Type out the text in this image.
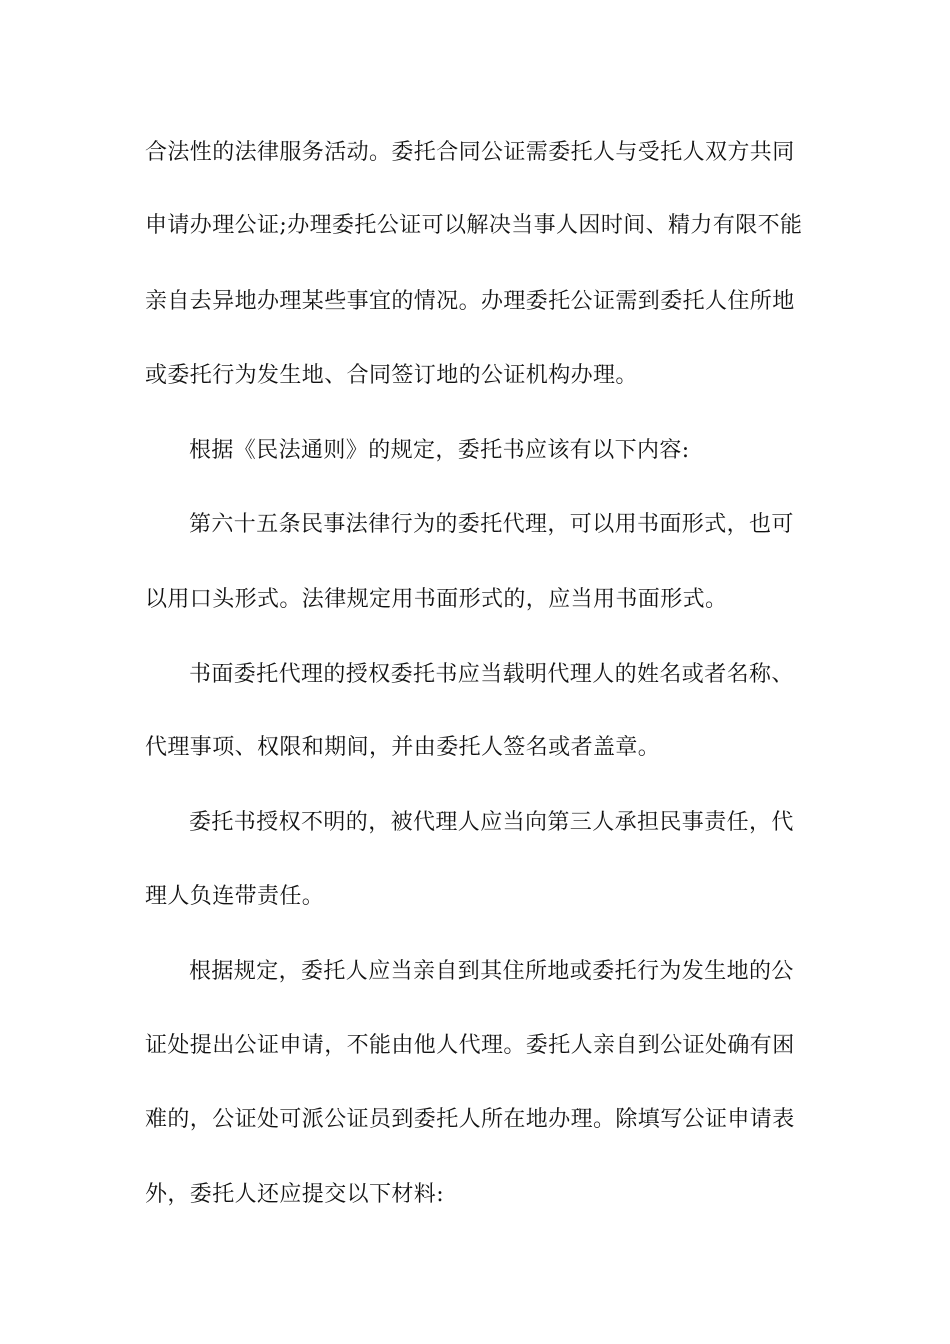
合法性的法律服务活动。委托合同公证需委托人与受托人双方共同
申请办理公证;办理委托公证可以解决当事人因时间、精力有限不能
亲自去异地办理某些事宜的情况。办理委托公证需到委托人住所地
或委托行为发生地、合同签订地的公证机构办理。
根据《民法通则》的规定，委托书应该有以下内容:
第六十五条民事法律行为的委托代理，可以用书面形式，也可
以用口头形式。法律规定用书面形式的，应当用书面形式。
书面委托代理的授权委托书应当载明代理人的姓名或者名称、
代理事项、权限和期间，并由委托人签名或者盖章。
委托书授权不明的，被代理人应当向第三人承担民事责任，代
理人负连带责任。
根据规定，委托人应当亲自到其住所地或委托行为发生地的公
证处提出公证申请，不能由他人代理。委托人亲自到公证处确有困
难的，公证处可派公证员到委托人所在地办理。除填写公证申请表
外，委托人还应提交以下材料:
